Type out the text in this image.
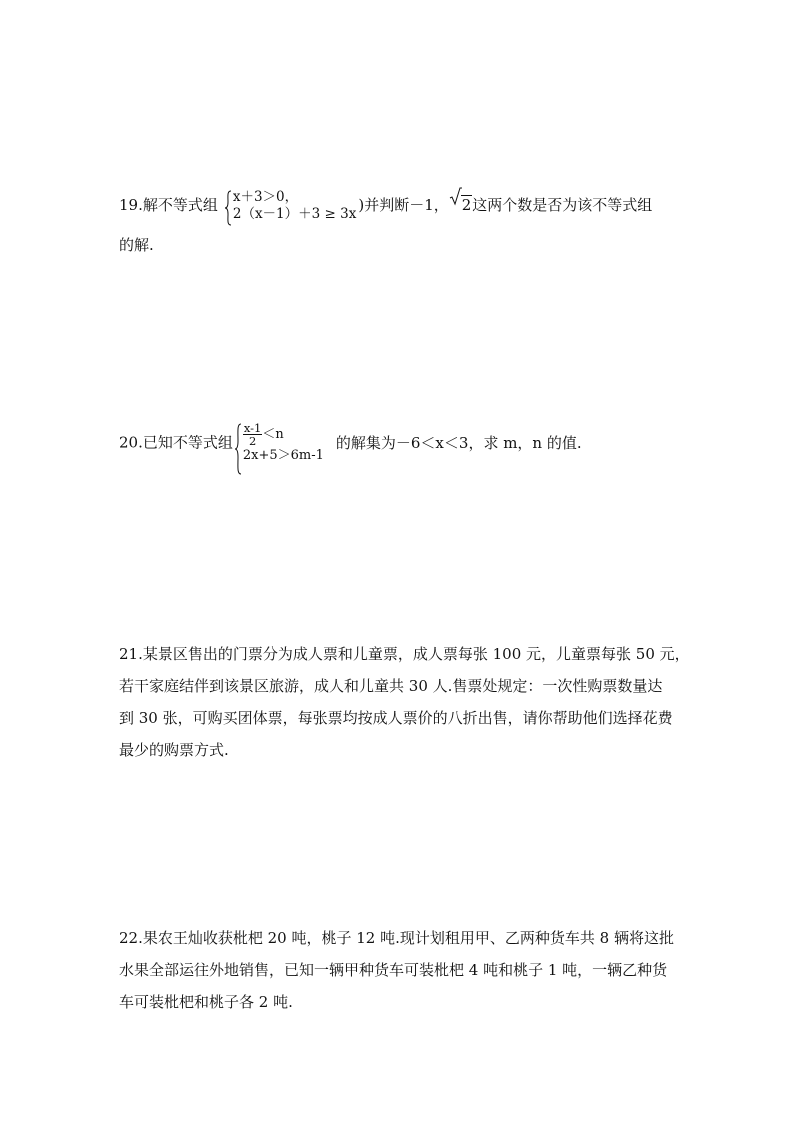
19.解不等式组 x＋3＞0，
2（x－1）＋3 ≥ 3x )并判断－1， 2这两个数是否为该不等式组
的解.
20.已知不等式组 $\frac{x-1}{2} <n$
2x+5＞6m-1
的解集为－6＜x＜3，求 m，n 的值.
21.某景区售出的门票分为成人票和儿童票，成人票每张 100 元，儿童票每张 50 元，
若干家庭结伴到该景区旅游，成人和儿童共 30 人.售票处规定：一次性购票数量达
到 30 张，可购买团体票，每张票均按成人票价的八折出售，请你帮助他们选择花费
最少的购票方式.
22.果农王灿收获枇杷 20 吨，桃子 12 吨.现计划租用甲、乙两种货车共 8 辆将这批
水果全部运往外地销售，已知一辆甲种货车可装枇杷 4 吨和桃子 1 吨，一辆乙种货
车可装枇杷和桃子各 2 吨.
